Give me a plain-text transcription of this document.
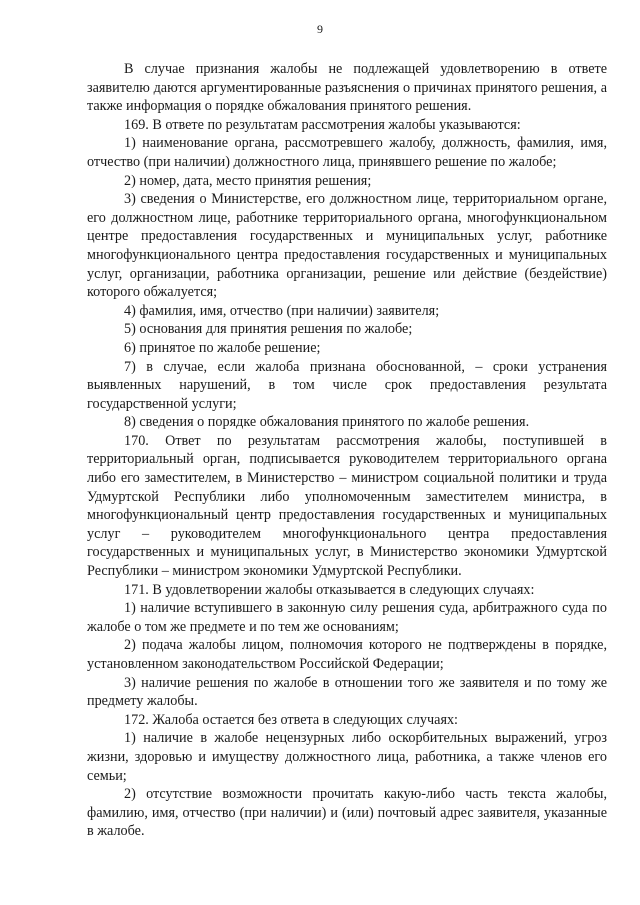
9

В случае признания жалобы не подлежащей удовлетворению в ответе заявителю даются аргументированные разъяснения о причинах принятого решения, а также информация о порядке обжалования принятого решения.

169. В ответе по результатам рассмотрения жалобы указываются:

1) наименование органа, рассмотревшего жалобу, должность, фамилия, имя, отчество (при наличии) должностного лица, принявшего решение по жалобе;

2) номер, дата, место принятия решения;

3) сведения о Министерстве, его должностном лице, территориальном органе, его должностном лице, работнике территориального органа, многофункциональном центре предоставления государственных и муниципальных услуг, работнике многофункционального центра предоставления государственных и муниципальных услуг, организации, работника организации, решение или действие (бездействие) которого обжалуется;

4) фамилия, имя, отчество (при наличии) заявителя;

5) основания для принятия решения по жалобе;

6) принятое по жалобе решение;

7) в случае, если жалоба признана обоснованной, – сроки устранения выявленных нарушений, в том числе срок предоставления результата государственной услуги;

8) сведения о порядке обжалования принятого по жалобе решения.

170. Ответ по результатам рассмотрения жалобы, поступившей в территориальный орган, подписывается руководителем территориального органа либо его заместителем, в Министерство – министром социальной политики и труда Удмуртской Республики либо уполномоченным заместителем министра, в многофункциональный центр предоставления государственных и муниципальных услуг – руководителем многофункционального центра предоставления государственных и муниципальных услуг, в Министерство экономики Удмуртской Республики – министром экономики Удмуртской Республики.

171. В удовлетворении жалобы отказывается в следующих случаях:

1) наличие вступившего в законную силу решения суда, арбитражного суда по жалобе о том же предмете и по тем же основаниям;

2) подача жалобы лицом, полномочия которого не подтверждены в порядке, установленном законодательством Российской Федерации;

3) наличие решения по жалобе в отношении того же заявителя и по тому же предмету жалобы.

172. Жалоба остается без ответа в следующих случаях:

1) наличие в жалобе нецензурных либо оскорбительных выражений, угроз жизни, здоровью и имуществу должностного лица, работника, а также членов его семьи;

2) отсутствие возможности прочитать какую-либо часть текста жалобы, фамилию, имя, отчество (при наличии) и (или) почтовый адрес заявителя, указанные в жалобе.
